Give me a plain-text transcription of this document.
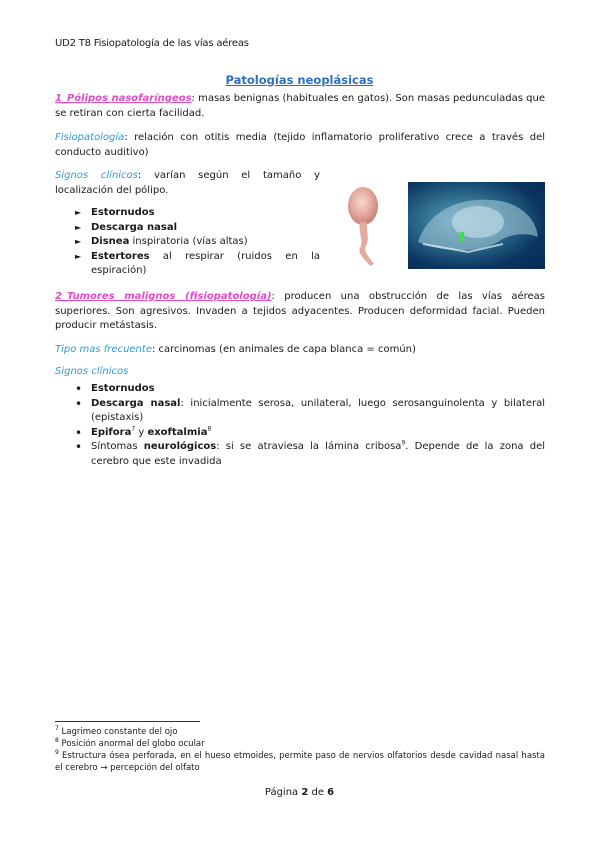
UD2 T8 Fisiopatología de las vías aéreas
Patologías neoplásicas
1_Pólipos nasofaríngeos: masas benignas (habituales en gatos). Son masas pedunculadas que se retiran con cierta facilidad.
Fisiopatología: relación con otitis media (tejido inflamatorio proliferativo crece a través del conducto auditivo)
Signos clínicos: varían según el tamaño y localización del pólipo.
► Estornudos
► Descarga nasal
► Disnea inspiratoria (vías altas)
► Estertores al respirar (ruidos en la espiración)
2_Tumores malignos (fisiopatología): producen una obstrucción de las vías aéreas superiores. Son agresivos. Invaden a tejidos adyacentes. Producen deformidad facial. Pueden producir metástasis.
Tipo mas frecuente: carcinomas (en animales de capa blanca = común)
Signos clínicos
• Estornudos
• Descarga nasal: inicialmente serosa, unilateral, luego serosanguinolenta y bilateral (epistaxis)
• Epifora$^7$ y exoftalmia$^8$
• Síntomas neurológicos: si se atraviesa la lámina cribosa$^9$. Depende de la zona del cerebro que este invadida
$^7$ Lagrimeo constante del ojo
$^8$ Posición anormal del globo ocular
$^9$ Estructura ósea perforada, en el hueso etmoides, permite paso de nervios olfatorios desde cavidad nasal hasta el cerebro → percepción del olfato
Página 2 de 6
